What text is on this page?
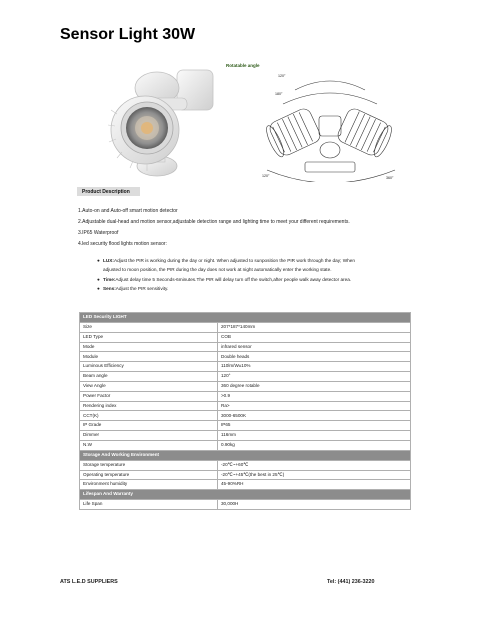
Sensor Light 30W
Rotatable angle
120°
180°
120°	360°
Product Description
1.Auto-on and Auto-off smart motion detector
2.Adjustable dual-head and motion sensor,adjustable detection range and lighting time to meet your different requirements.
3.IP65 Waterproof
4.led security flood lights motion sensor:
● LUX:Adjust the PIR is working during the day or night. When adjusted to sunposition the PIR work through the day; When
adjusted to moon position, the PIR during the day does not work at night automatically enter the working state.
● Time:Adjust delay time 5 Seconds-6minutes.The PIR will delay turn off the switch,after people walk away detector area.
● Sens:Adjust the PIR sensitivity.
LED Security LIGHT	
Size	207*187*140mm
LED Type	COB
Mode	infrared sensor
Module	Double heads
Luminous Efficiency	110lm/W±10%
Beam angle	120°
View Angle	360 degree rotable
Power Factor	>0.9
Rendering index	Ra>
CCT(K)	3000-6500K
IP Grade	IP65
Dimmer	116mm
N.W	0.90kg
Storage And Working Environment	
Storage temperature	-20℃~+60℃
Operating temperature	-20℃~+45℃(the best in 25℃)
Environment humidity	45-90%RH
Lifespan And Warranty	
Life Span	30,000H
ATS L.E.D SUPPLIERS	Tel: (441) 236-3220
